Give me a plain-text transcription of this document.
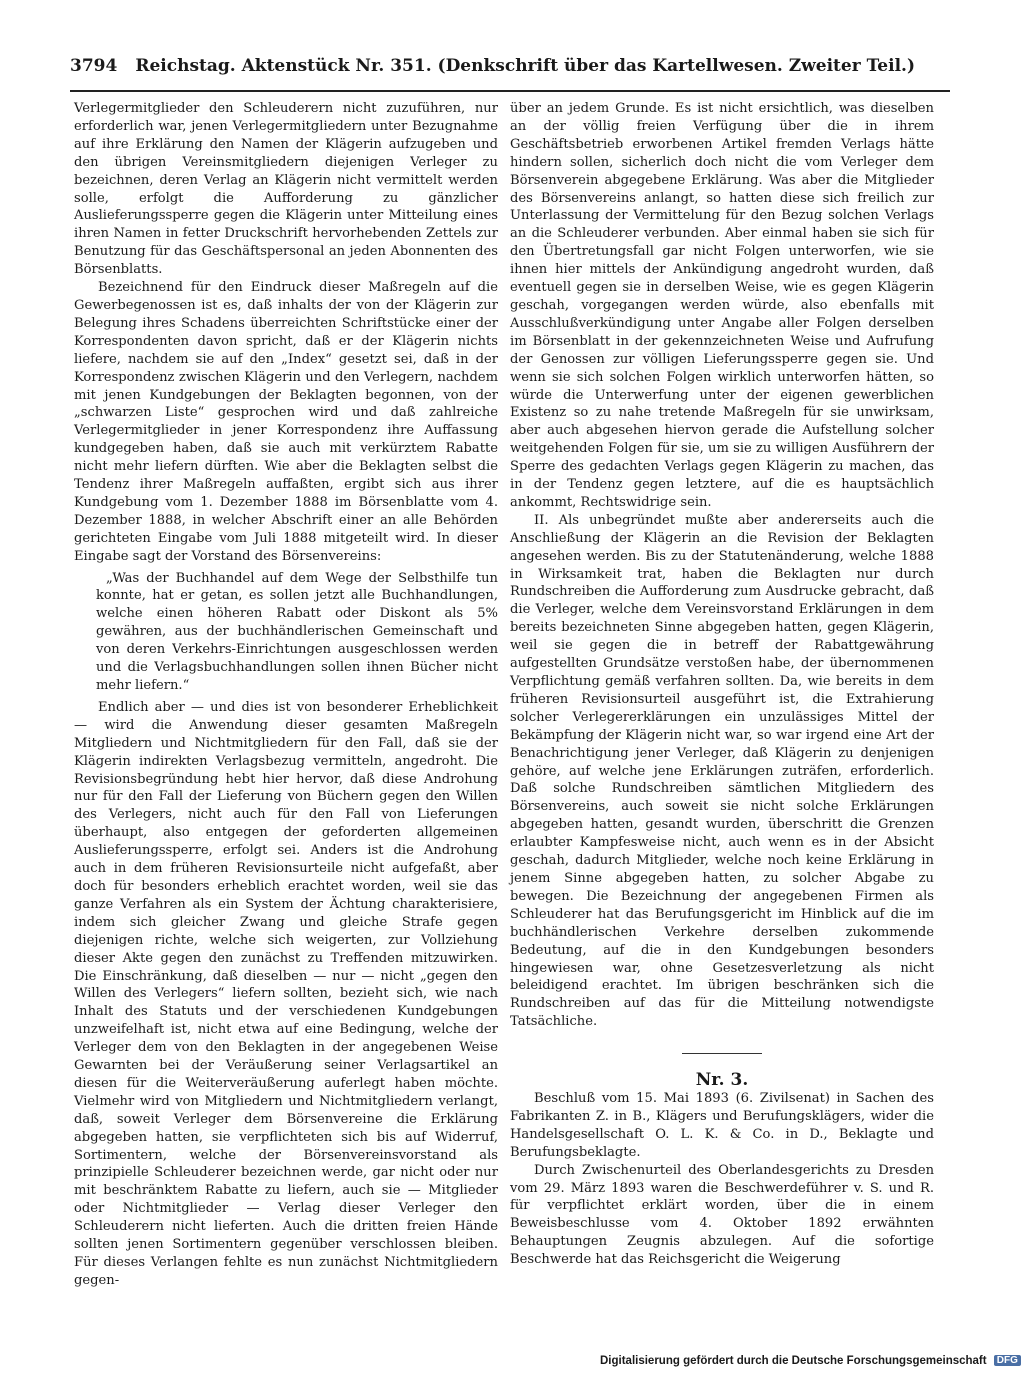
3794 Reichstag. Aktenstück Nr. 351. (Denkschrift über das Kartellwesen. Zweiter Teil.)

Verlegermitglieder den Schleuderern nicht zuzuführen, nur erforderlich war, jenen Verlegermitgliedern unter Bezugnahme auf ihre Erklärung den Namen der Klägerin aufzugeben und den übrigen Vereinsmitgliedern diejenigen Verleger zu bezeichnen, deren Verlag an Klägerin nicht vermittelt werden solle, erfolgt die Aufforderung zu gänzlicher Auslieferungssperre gegen die Klägerin unter Mitteilung eines ihren Namen in fetter Druckschrift hervorhebenden Zettels zur Benutzung für das Geschäftspersonal an jeden Abonnenten des Börsenblatts.

Bezeichnend für den Eindruck dieser Maßregeln auf die Gewerbegenossen ist es, daß inhalts der von der Klägerin zur Belegung ihres Schadens überreichten Schriftstücke einer der Korrespondenten davon spricht, daß er der Klägerin nichts liefere, nachdem sie auf den „Index“ gesetzt sei, daß in der Korrespondenz zwischen Klägerin und den Verlegern, nachdem mit jenen Kundgebungen der Beklagten begonnen, von der „schwarzen Liste“ gesprochen wird und daß zahlreiche Verlegermitglieder in jener Korrespondenz ihre Auffassung kundgegeben haben, daß sie auch mit verkürztem Rabatte nicht mehr liefern dürften. Wie aber die Beklagten selbst die Tendenz ihrer Maßregeln auffaßten, ergibt sich aus ihrer Kundgebung vom 1. Dezember 1888 im Börsenblatte vom 4. Dezember 1888, in welcher Abschrift einer an alle Behörden gerichteten Eingabe vom Juli 1888 mitgeteilt wird. In dieser Eingabe sagt der Vorstand des Börsenvereins:

„Was der Buchhandel auf dem Wege der Selbsthilfe tun konnte, hat er getan, es sollen jetzt alle Buchhandlungen, welche einen höheren Rabatt oder Diskont als 5% gewähren, aus der buchhändlerischen Gemeinschaft und von deren Verkehrs-Einrichtungen ausgeschlossen werden und die Verlagsbuchhandlungen sollen ihnen Bücher nicht mehr liefern.“

Endlich aber — und dies ist von besonderer Erheblichkeit — wird die Anwendung dieser gesamten Maßregeln Mitgliedern und Nichtmitgliedern für den Fall, daß sie der Klägerin indirekten Verlagsbezug vermitteln, angedroht. Die Revisionsbegründung hebt hier hervor, daß diese Androhung nur für den Fall der Lieferung von Büchern gegen den Willen des Verlegers, nicht auch für den Fall von Lieferungen überhaupt, also entgegen der geforderten allgemeinen Auslieferungssperre, erfolgt sei. Anders ist die Androhung auch in dem früheren Revisionsurteile nicht aufgefaßt, aber doch für besonders erheblich erachtet worden, weil sie das ganze Verfahren als ein System der Ächtung charakterisiere, indem sich gleicher Zwang und gleiche Strafe gegen diejenigen richte, welche sich weigerten, zur Vollziehung dieser Akte gegen den zunächst zu Treffenden mitzuwirken. Die Einschränkung, daß dieselben — nur — nicht „gegen den Willen des Verlegers“ liefern sollten, bezieht sich, wie nach Inhalt des Statuts und der verschiedenen Kundgebungen unzweifelhaft ist, nicht etwa auf eine Bedingung, welche der Verleger dem von den Beklagten in der angegebenen Weise Gewarnten bei der Veräußerung seiner Verlagsartikel an diesen für die Weiterveräußerung auferlegt haben möchte. Vielmehr wird von Mitgliedern und Nichtmitgliedern verlangt, daß, soweit Verleger dem Börsenvereine die Erklärung abgegeben hatten, sie verpflichteten sich bis auf Widerruf, Sortimentern, welche der Börsenvereinsvorstand als prinzipielle Schleuderer bezeichnen werde, gar nicht oder nur mit beschränktem Rabatte zu liefern, auch sie — Mitglieder oder Nichtmitglieder — Verlag dieser Verleger den Schleuderern nicht lieferten. Auch die dritten freien Hände sollten jenen Sortimentern gegenüber verschlossen bleiben. Für dieses Verlangen fehlte es nun zunächst Nichtmitgliedern gegen-

über an jedem Grunde. Es ist nicht ersichtlich, was dieselben an der völlig freien Verfügung über die in ihrem Geschäftsbetrieb erworbenen Artikel fremden Verlags hätte hindern sollen, sicherlich doch nicht die vom Verleger dem Börsenverein abgegebene Erklärung. Was aber die Mitglieder des Börsenvereins anlangt, so hatten diese sich freilich zur Unterlassung der Vermittelung für den Bezug solchen Verlags an die Schleuderer verbunden. Aber einmal haben sie sich für den Übertretungsfall gar nicht Folgen unterworfen, wie sie ihnen hier mittels der Ankündigung angedroht wurden, daß eventuell gegen sie in derselben Weise, wie es gegen Klägerin geschah, vorgegangen werden würde, also ebenfalls mit Ausschlußverkündigung unter Angabe aller Folgen derselben im Börsenblatt in der gekennzeichneten Weise und Aufrufung der Genossen zur völligen Lieferungssperre gegen sie. Und wenn sie sich solchen Folgen wirklich unterworfen hätten, so würde die Unterwerfung unter der eigenen gewerblichen Existenz so zu nahe tretende Maßregeln für sie unwirksam, aber auch abgesehen hiervon gerade die Aufstellung solcher weitgehenden Folgen für sie, um sie zu willigen Ausführern der Sperre des gedachten Verlags gegen Klägerin zu machen, das in der Tendenz gegen letztere, auf die es hauptsächlich ankommt, Rechtswidrige sein.

II. Als unbegründet mußte aber andererseits auch die Anschließung der Klägerin an die Revision der Beklagten angesehen werden. Bis zu der Statutenänderung, welche 1888 in Wirksamkeit trat, haben die Beklagten nur durch Rundschreiben die Aufforderung zum Ausdrucke gebracht, daß die Verleger, welche dem Vereinsvorstand Erklärungen in dem bereits bezeichneten Sinne abgegeben hatten, gegen Klägerin, weil sie gegen die in betreff der Rabattgewährung aufgestellten Grundsätze verstoßen habe, der übernommenen Verpflichtung gemäß verfahren sollten. Da, wie bereits in dem früheren Revisionsurteil ausgeführt ist, die Extrahierung solcher Verlegererklärungen ein unzulässiges Mittel der Bekämpfung der Klägerin nicht war, so war irgend eine Art der Benachrichtigung jener Verleger, daß Klägerin zu denjenigen gehöre, auf welche jene Erklärungen zuträfen, erforderlich. Daß solche Rundschreiben sämtlichen Mitgliedern des Börsenvereins, auch soweit sie nicht solche Erklärungen abgegeben hatten, gesandt wurden, überschritt die Grenzen erlaubter Kampfesweise nicht, auch wenn es in der Absicht geschah, dadurch Mitglieder, welche noch keine Erklärung in jenem Sinne abgegeben hatten, zu solcher Abgabe zu bewegen. Die Bezeichnung der angegebenen Firmen als Schleuderer hat das Berufungsgericht im Hinblick auf die im buchhändlerischen Verkehre derselben zukommende Bedeutung, auf die in den Kundgebungen besonders hingewiesen war, ohne Gesetzesverletzung als nicht beleidigend erachtet. Im übrigen beschränken sich die Rundschreiben auf das für die Mitteilung notwendigste Tatsächliche.

Nr. 3.

Beschluß vom 15. Mai 1893 (6. Zivilsenat) in Sachen des Fabrikanten Z. in B., Klägers und Berufungsklägers, wider die Handelsgesellschaft O. L. K. & Co. in D., Beklagte und Berufungsbeklagte.

Durch Zwischenurteil des Oberlandesgerichts zu Dresden vom 29. März 1893 waren die Beschwerdeführer v. S. und R. für verpflichtet erklärt worden, über die in einem Beweisbeschlusse vom 4. Oktober 1892 erwähnten Behauptungen Zeugnis abzulegen. Auf die sofortige Beschwerde hat das Reichsgericht die Weigerung

Digitalisierung gefördert durch die Deutsche Forschungsgemeinschaft DFG
